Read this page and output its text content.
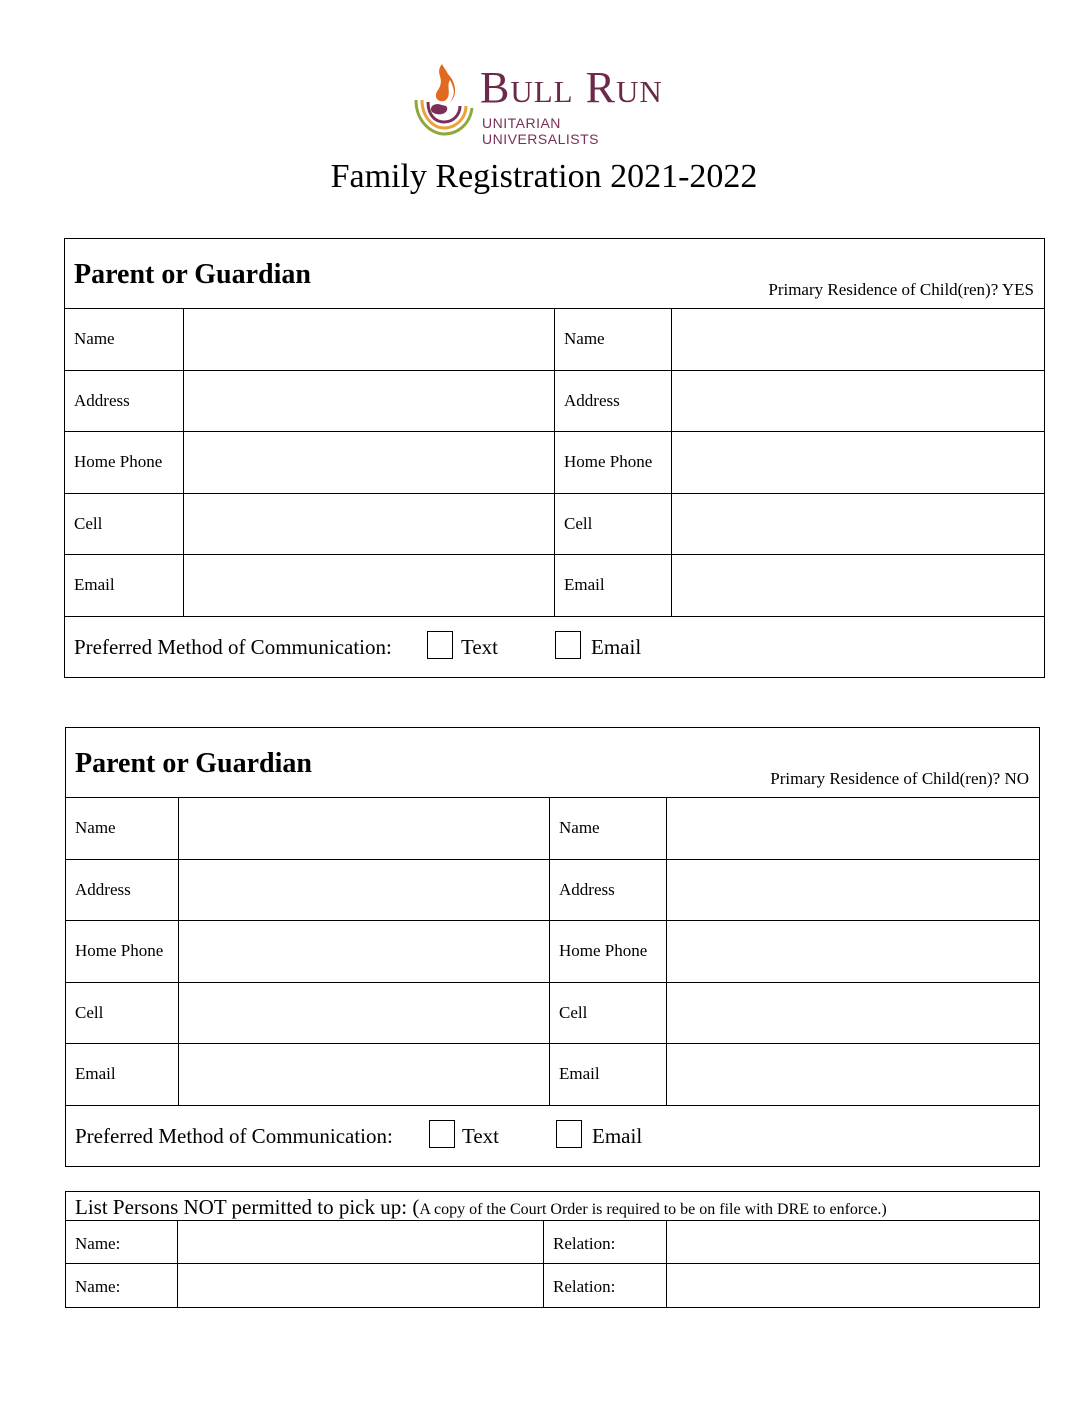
Bull Run
UNITARIAN UNIVERSALISTS
Family Registration 2021-2022
Parent or Guardian	Primary Residence of Child(ren)? YES
Name	Name
Address	Address
Home Phone	Home Phone
Cell	Cell
Email	Email
Preferred Method of Communication:	Text	Email
Parent or Guardian	Primary Residence of Child(ren)? NO
Name	Name
Address	Address
Home Phone	Home Phone
Cell	Cell
Email	Email
Preferred Method of Communication:	Text	Email
List Persons NOT permitted to pick up: (A copy of the Court Order is required to be on file with DRE to enforce.)
Name:	Relation:
Name:	Relation:
